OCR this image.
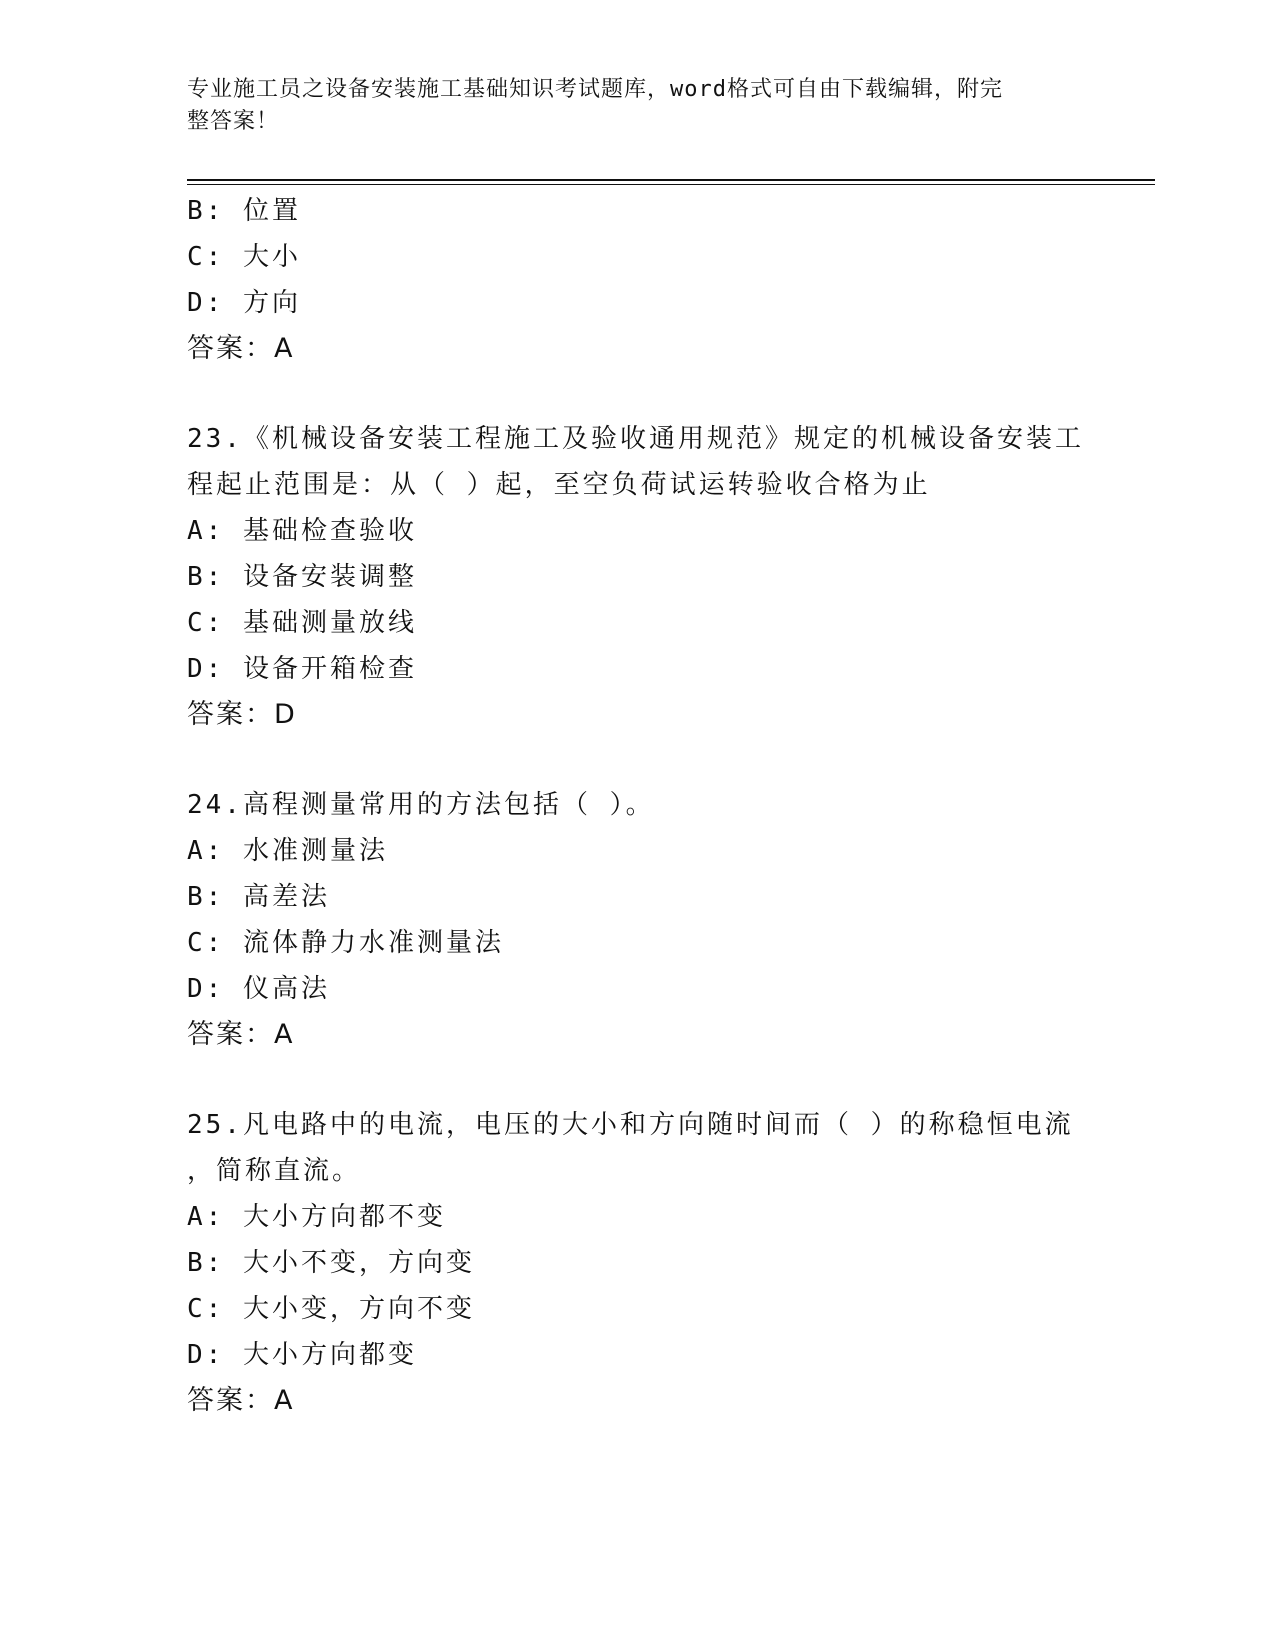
专业施工员之设备安装施工基础知识考试题库，word格式可自由下载编辑，附完
整答案！
B: 位置
C: 大小
D: 方向
答案：A
23.《机械设备安装工程施工及验收通用规范》规定的机械设备安装工
程起止范围是：从（ ）起，至空负荷试运转验收合格为止
A: 基础检查验收
B: 设备安装调整
C: 基础测量放线
D: 设备开箱检查
答案：D
24.高程测量常用的方法包括（ ）。
A: 水准测量法
B: 高差法
C: 流体静力水准测量法
D: 仪高法
答案：A
25.凡电路中的电流，电压的大小和方向随时间而（ ）的称稳恒电流
，简称直流。
A: 大小方向都不变
B: 大小不变，方向变
C: 大小变，方向不变
D: 大小方向都变
答案：A
